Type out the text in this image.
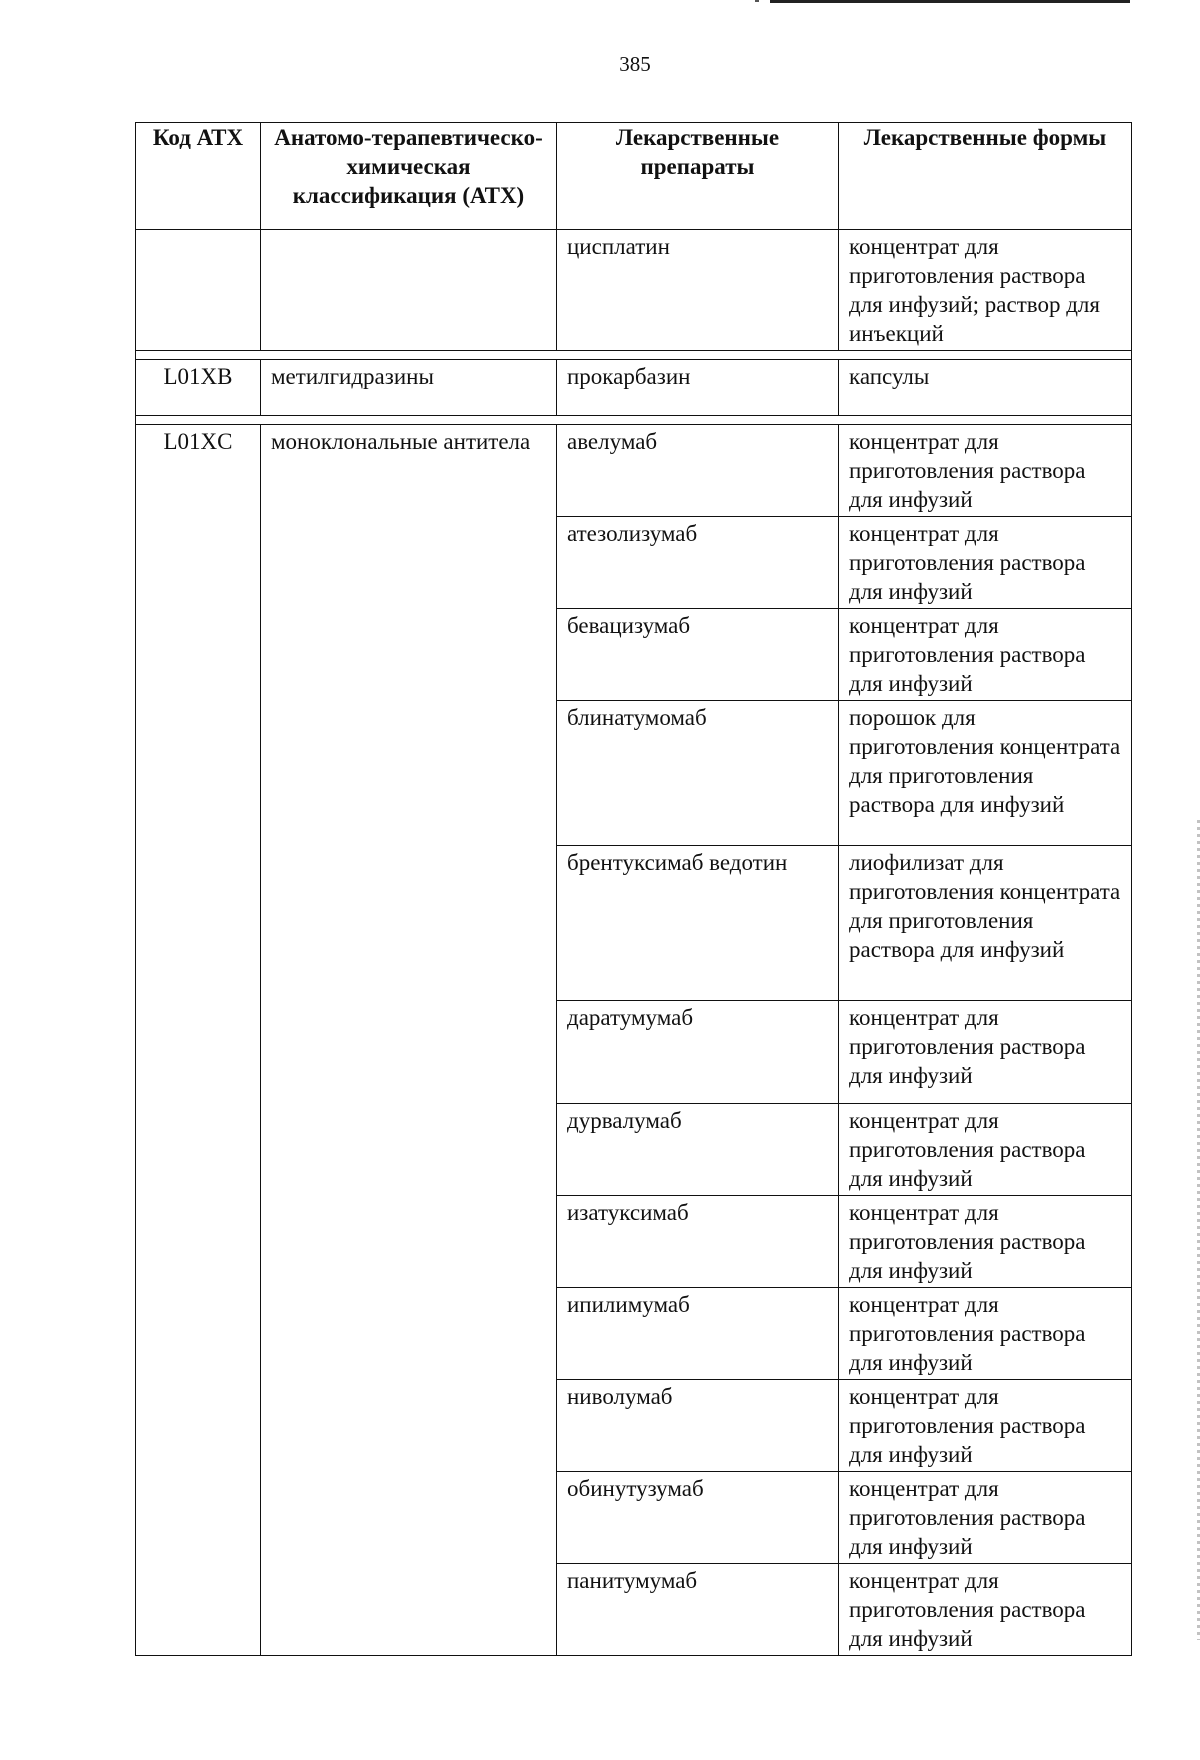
385
Код АТХ	Анатомо-терапевтическо-химическая классификация (АТХ)	Лекарственные препараты	Лекарственные формы
		цисплатин	концентрат для приготовления раствора для инфузий; раствор для инъекций

L01XB	метилгидразины	прокарбазин	капсулы

L01XC	моноклональные антитела	авелумаб	концентрат для приготовления раствора для инфузий
		атезолизумаб	концентрат для приготовления раствора для инфузий
		бевацизумаб	концентрат для приготовления раствора для инфузий
		блинатумомаб	порошок для приготовления концентрата для приготовления раствора для инфузий
		брентуксимаб ведотин	лиофилизат для приготовления концентрата для приготовления раствора для инфузий
		даратумумаб	концентрат для приготовления раствора для инфузий
		дурвалумаб	концентрат для приготовления раствора для инфузий
		изатуксимаб	концентрат для приготовления раствора для инфузий
		ипилимумаб	концентрат для приготовления раствора для инфузий
		ниволумаб	концентрат для приготовления раствора для инфузий
		обинутузумаб	концентрат для приготовления раствора для инфузий
		панитумумаб	концентрат для приготовления раствора для инфузий
